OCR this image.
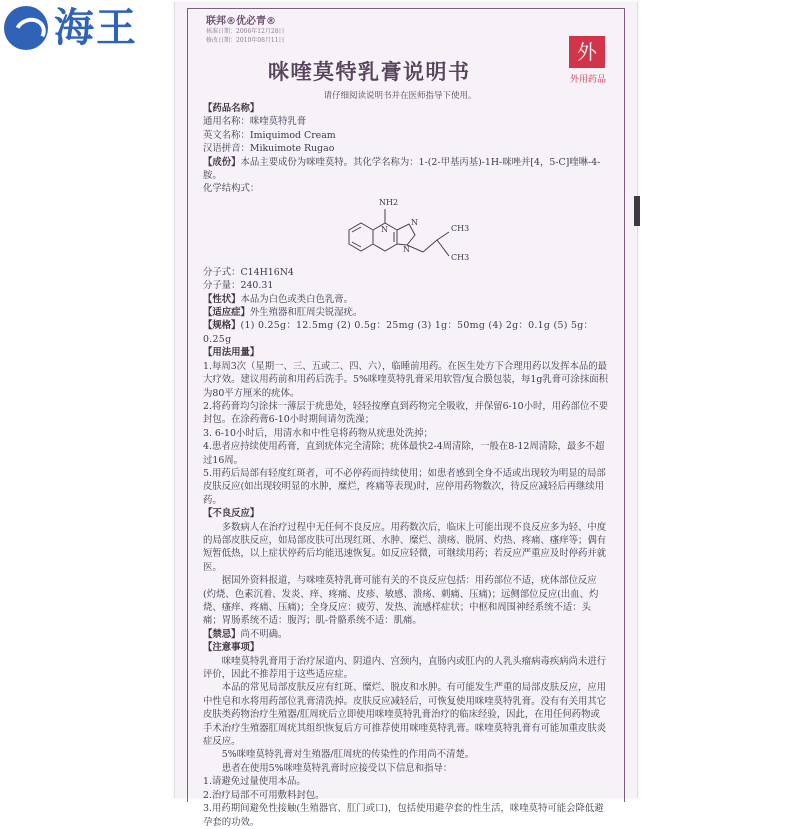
海王	联邦®优必青®
核准日期：2006年12月28日
修改日期：2010年08月11日	外
外用药品
咪喹莫特乳膏说明书
请仔细阅读说明书并在医师指导下使用。

【药品名称】

通用名称：咪喹莫特乳膏

英文名称：Imiquimod Cream

汉语拼音：Mikuimote Rugao

【成份】本品主要成份为咪喹莫特。其化学名称为：1-(2-甲基丙基)-1H-咪唑并[4，5-C]喹啉-4-胺。

化学结构式：

NH2
N
N
N
CH3
CH3

分子式：C14H16N4

分子量：240.31

【性状】本品为白色或类白色乳膏。

【适应症】外生殖器和肛周尖锐湿疣。

【规格】(1) 0.25g：12.5mg (2) 0.5g：25mg (3) 1g：50mg (4) 2g：0.1g (5) 5g：0.25g

【用法用量】

1.每周3次（星期一、三、五或二、四、六），临睡前用药。在医生处方下合理用药以发挥本品的最大疗效。建议用药前和用药后洗手。5%咪喹莫特乳膏采用软管/复合膜包装，每1g乳膏可涂抹面积为80平方厘米的疣体。

2.将药膏均匀涂抹一薄层于疣患处，轻轻按摩直到药物完全吸收，并保留6-10小时，用药部位不要封包。在涂药膏6-10小时期间请勿洗澡；

3. 6-10小时后，用清水和中性皂将药物从疣患处洗掉；

4.患者应持续使用药膏，直到疣体完全清除；疣体最快2-4周清除，一般在8-12周清除，最多不超过16周。

5.用药后局部有轻度红斑者，可不必停药而持续使用；如患者感到全身不适或出现较为明显的局部皮肤反应(如出现较明显的水肿，糜烂，疼痛等表现)时，应停用药物数次，待反应减轻后再继续用药。

【不良反应】

多数病人在治疗过程中无任何不良反应。用药数次后，临床上可能出现不良反应多为轻、中度的局部皮肤反应，如局部皮肤可出现红斑、水肿、糜烂、溃疡、脱屑、灼热、疼痛、瘙痒等；偶有短暂低热，以上症状停药后均能迅速恢复。如反应轻微，可继续用药；若反应严重应及时停药并就医。

据国外资料报道，与咪喹莫特乳膏可能有关的不良反应包括：用药部位不适，疣体部位反应(灼烧、色素沉着、发炎、痒、疼痛、皮疹、敏感、溃疡、刺痛、压痛)；远侧部位反应(出血、灼烧、瘙痒、疼痛、压痛)；全身反应：疲劳、发热、流感样症状；中枢和周围神经系统不适：头痛；胃肠系统不适：腹泻；肌-骨骼系统不适：肌痛。

【禁忌】尚不明确。

【注意事项】

咪喹莫特乳膏用于治疗尿道内、阴道内、宫颈内，直肠内或肛内的人乳头瘤病毒疾病尚未进行评价，因此不推荐用于这些适应症。

本品的常见局部皮肤反应有红斑、糜烂、脱皮和水肿。有可能发生严重的局部皮肤反应，应用中性皂和水将用药部位乳膏清洗掉。皮肤反应减轻后，可恢复使用咪喹莫特乳膏。没有有关用其它皮肤类药物治疗生殖器/肛周疣后立即使用咪喹莫特乳膏治疗的临床经验，因此，在用任何药物或手术治疗生殖器肛周疣其组织恢复后方可推荐使用咪喹莫特乳膏。咪喹莫特乳膏有可能加重皮肤炎症反应。

5%咪喹莫特乳膏对生殖器/肛周疣的传染性的作用尚不清楚。

患者在使用5%咪喹莫特乳膏时应接受以下信息和指导：

1.请避免过量使用本品。

2.治疗局部不可用敷料封包。

3.用药期间避免性接触(生殖器官、肛门或口)，包括使用避孕套的性生活，咪喹莫特可能会降低避孕套的功效。
